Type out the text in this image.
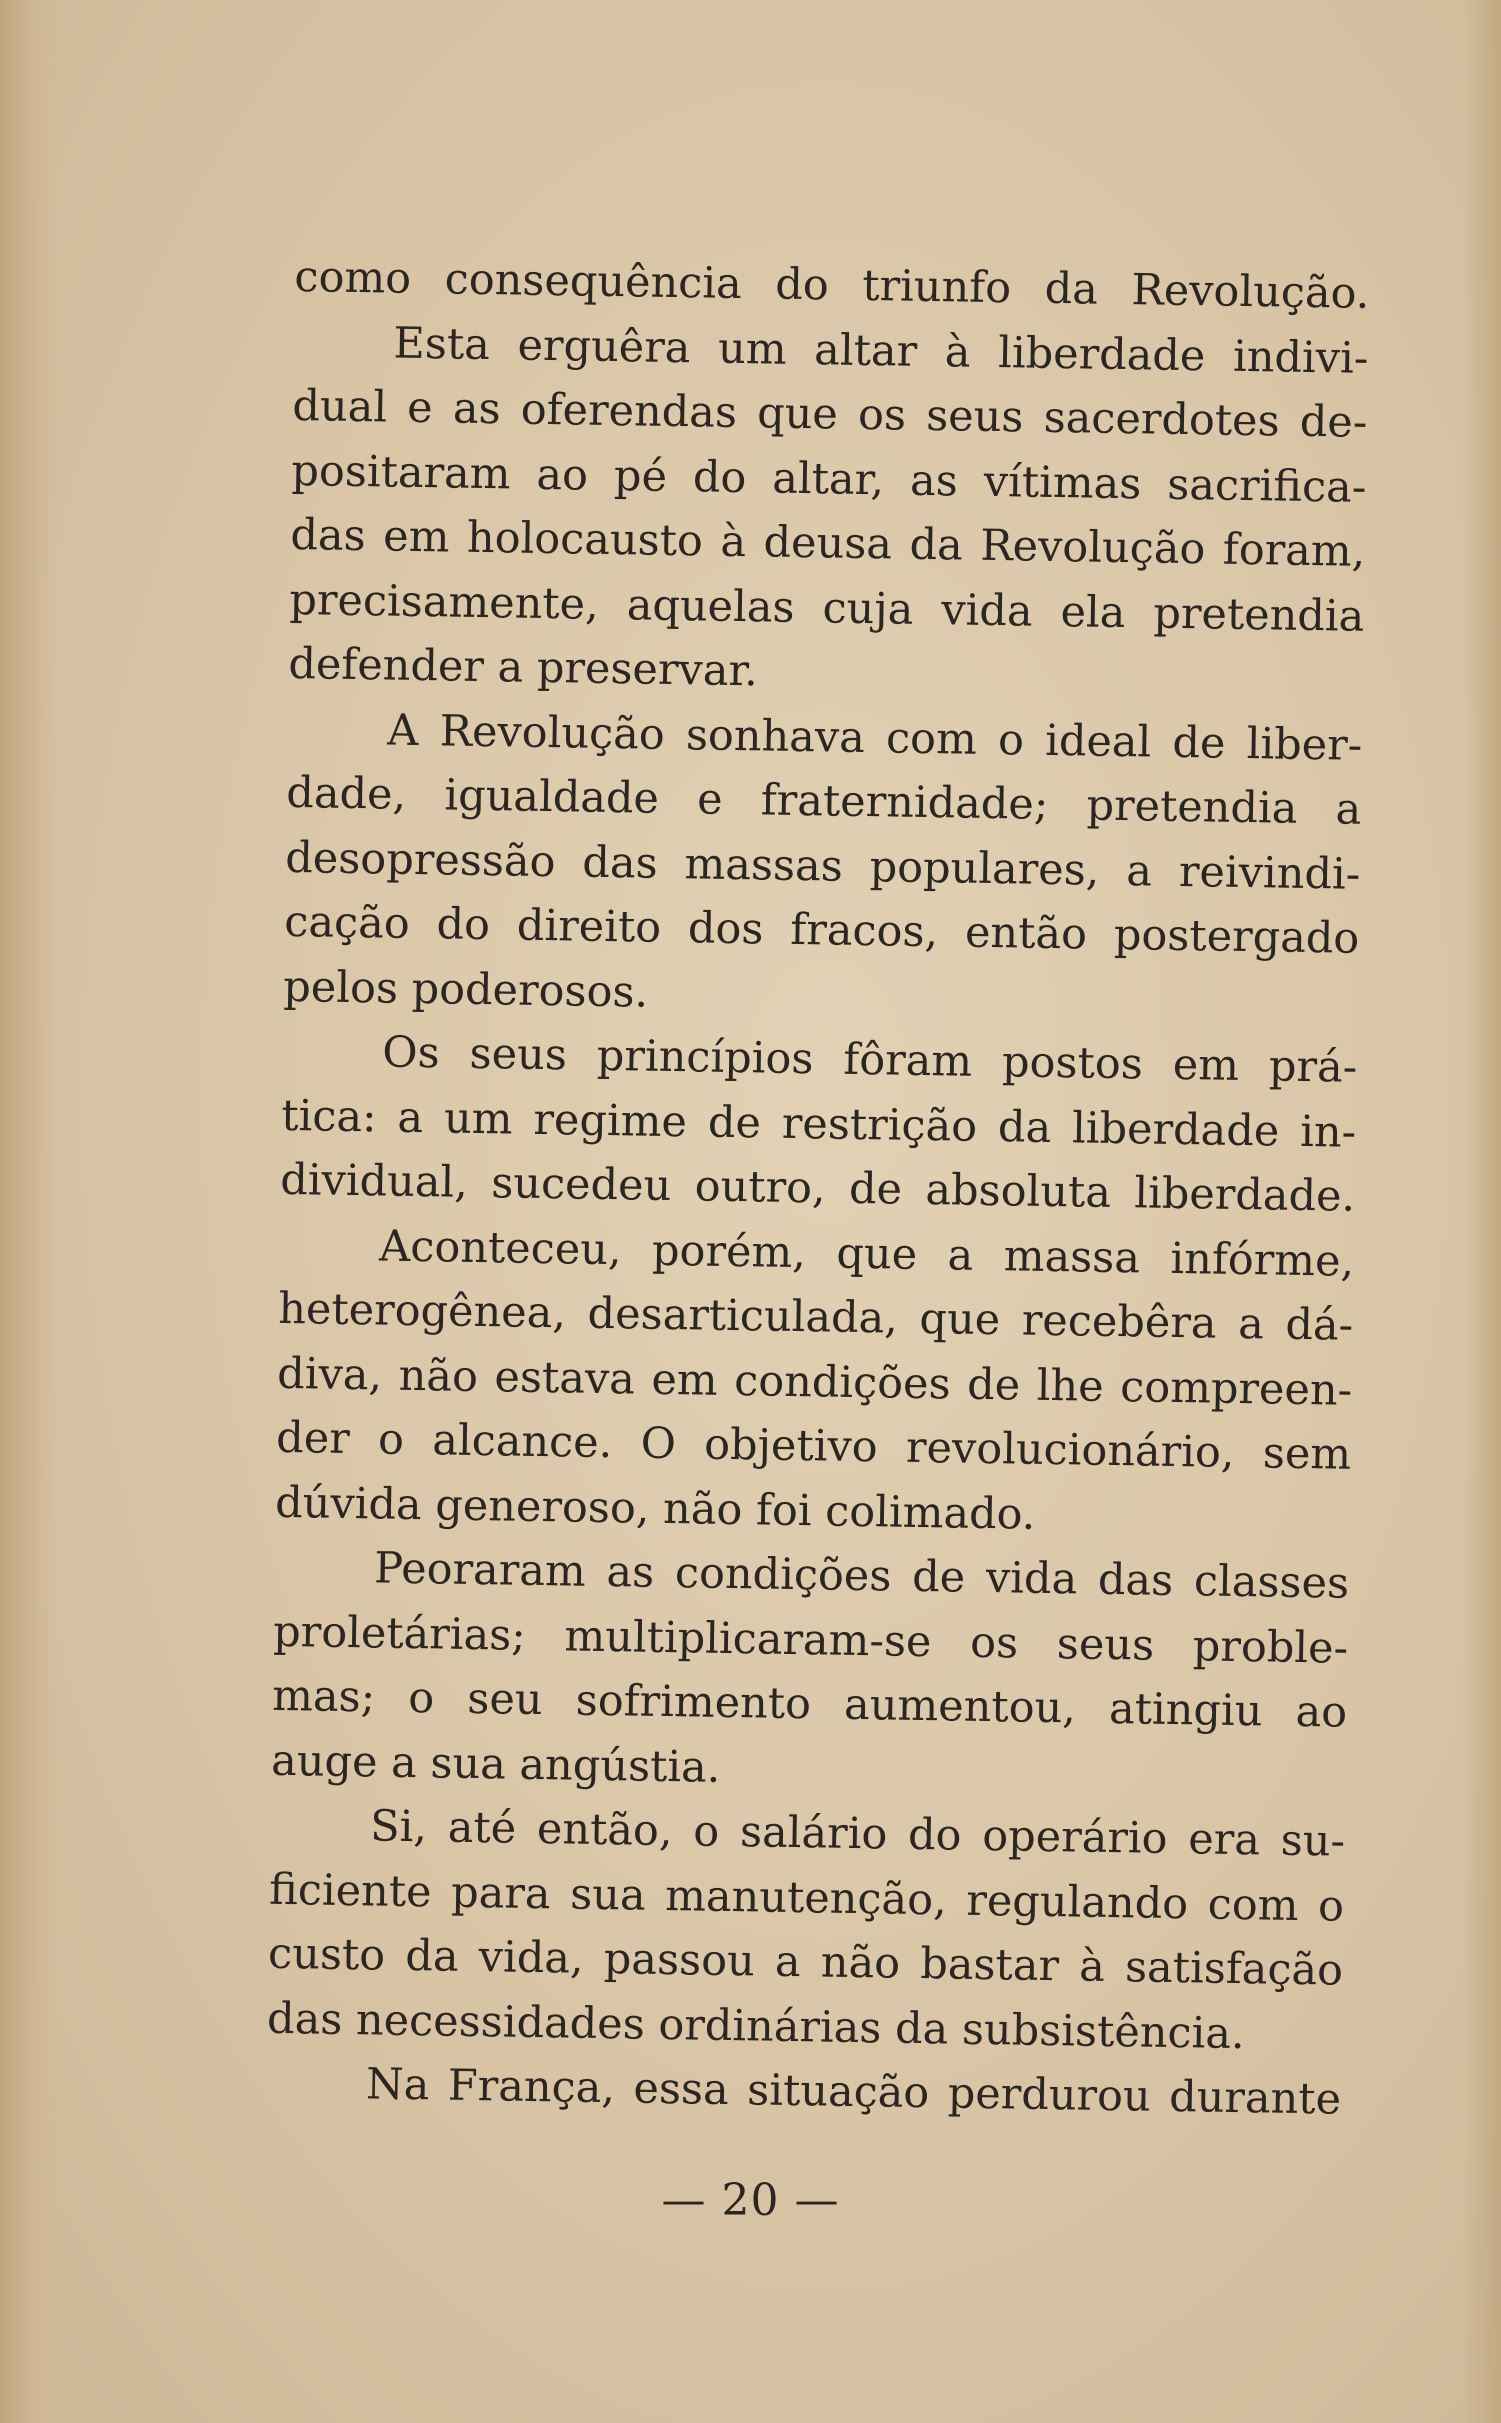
como consequência do triunfo da Revolução.
Esta erguêra um altar à liberdade indivi-
dual e as oferendas que os seus sacerdotes de-
positaram ao pé do altar, as vítimas sacrifica-
das em holocausto à deusa da Revolução foram,
precisamente, aquelas cuja vida ela pretendia
defender a preservar.
A Revolução sonhava com o ideal de liber-
dade, igualdade e fraternidade; pretendia a
desopressão das massas populares, a reivindi-
cação do direito dos fracos, então postergado
pelos poderosos.
Os seus princípios fôram postos em prá-
tica: a um regime de restrição da liberdade in-
dividual, sucedeu outro, de absoluta liberdade.
Aconteceu, porém, que a massa infórme,
heterogênea, desarticulada, que recebêra a dá-
diva, não estava em condições de lhe compreen-
der o alcance. O objetivo revolucionário, sem
dúvida generoso, não foi colimado.
Peoraram as condições de vida das classes
proletárias; multiplicaram-se os seus proble-
mas; o seu sofrimento aumentou, atingiu ao
auge a sua angústia.
Si, até então, o salário do operário era su-
ficiente para sua manutenção, regulando com o
custo da vida, passou a não bastar à satisfação
das necessidades ordinárias da subsistência.
Na França, essa situação perdurou durante
— 20 —
